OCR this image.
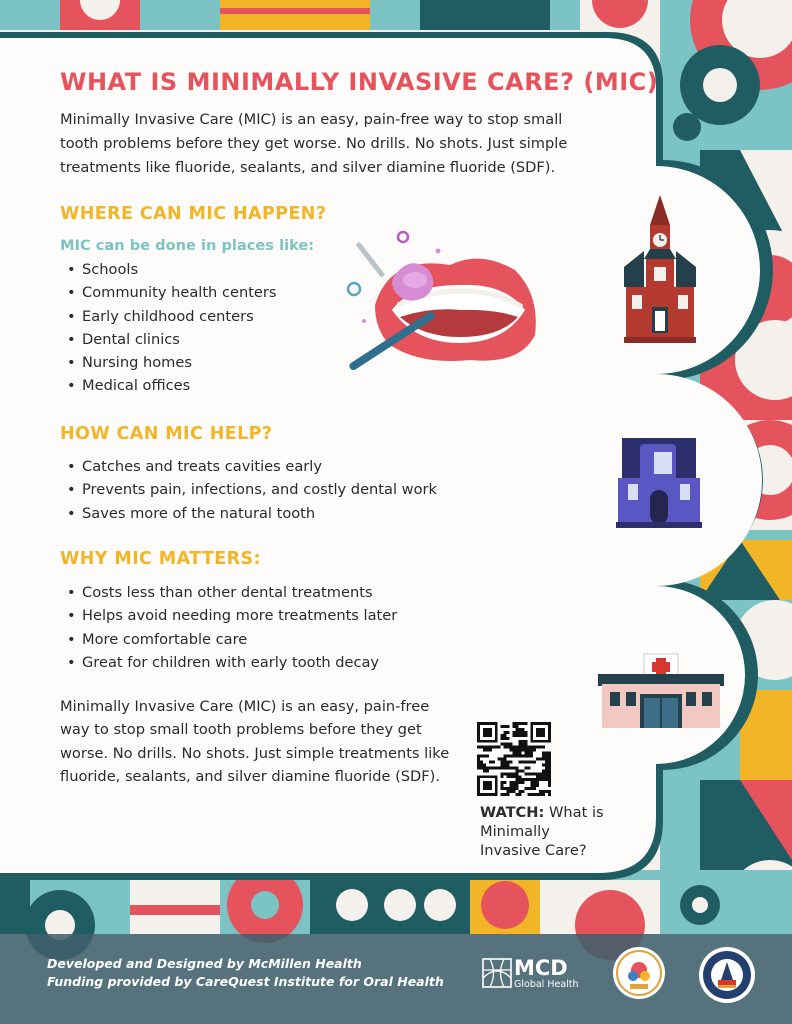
WHAT IS MINIMALLY INVASIVE CARE? (MIC)
Minimally Invasive Care (MIC) is an easy, pain-free way to stop small tooth problems before they get worse. No drills. No shots. Just simple treatments like fluoride, sealants, and silver diamine fluoride (SDF).
WHERE CAN MIC HAPPEN?
MIC can be done in places like:
• Schools
• Community health centers
• Early childhood centers
• Dental clinics
• Nursing homes
• Medical offices
HOW CAN MIC HELP?
• Catches and treats cavities early
• Prevents pain, infections, and costly dental work
• Saves more of the natural tooth
WHY MIC MATTERS:
• Costs less than other dental treatments
• Helps avoid needing more treatments later
• More comfortable care
• Great for children with early tooth decay
Minimally Invasive Care (MIC) is an easy, pain-free way to stop small tooth problems before they get worse. No drills. No shots. Just simple treatments like fluoride, sealants, and silver diamine fluoride (SDF).
WATCH: What is Minimally Invasive Care?
Developed and Designed by McMillen Health
Funding provided by CareQuest Institute for Oral Health
MCD
Global Health
